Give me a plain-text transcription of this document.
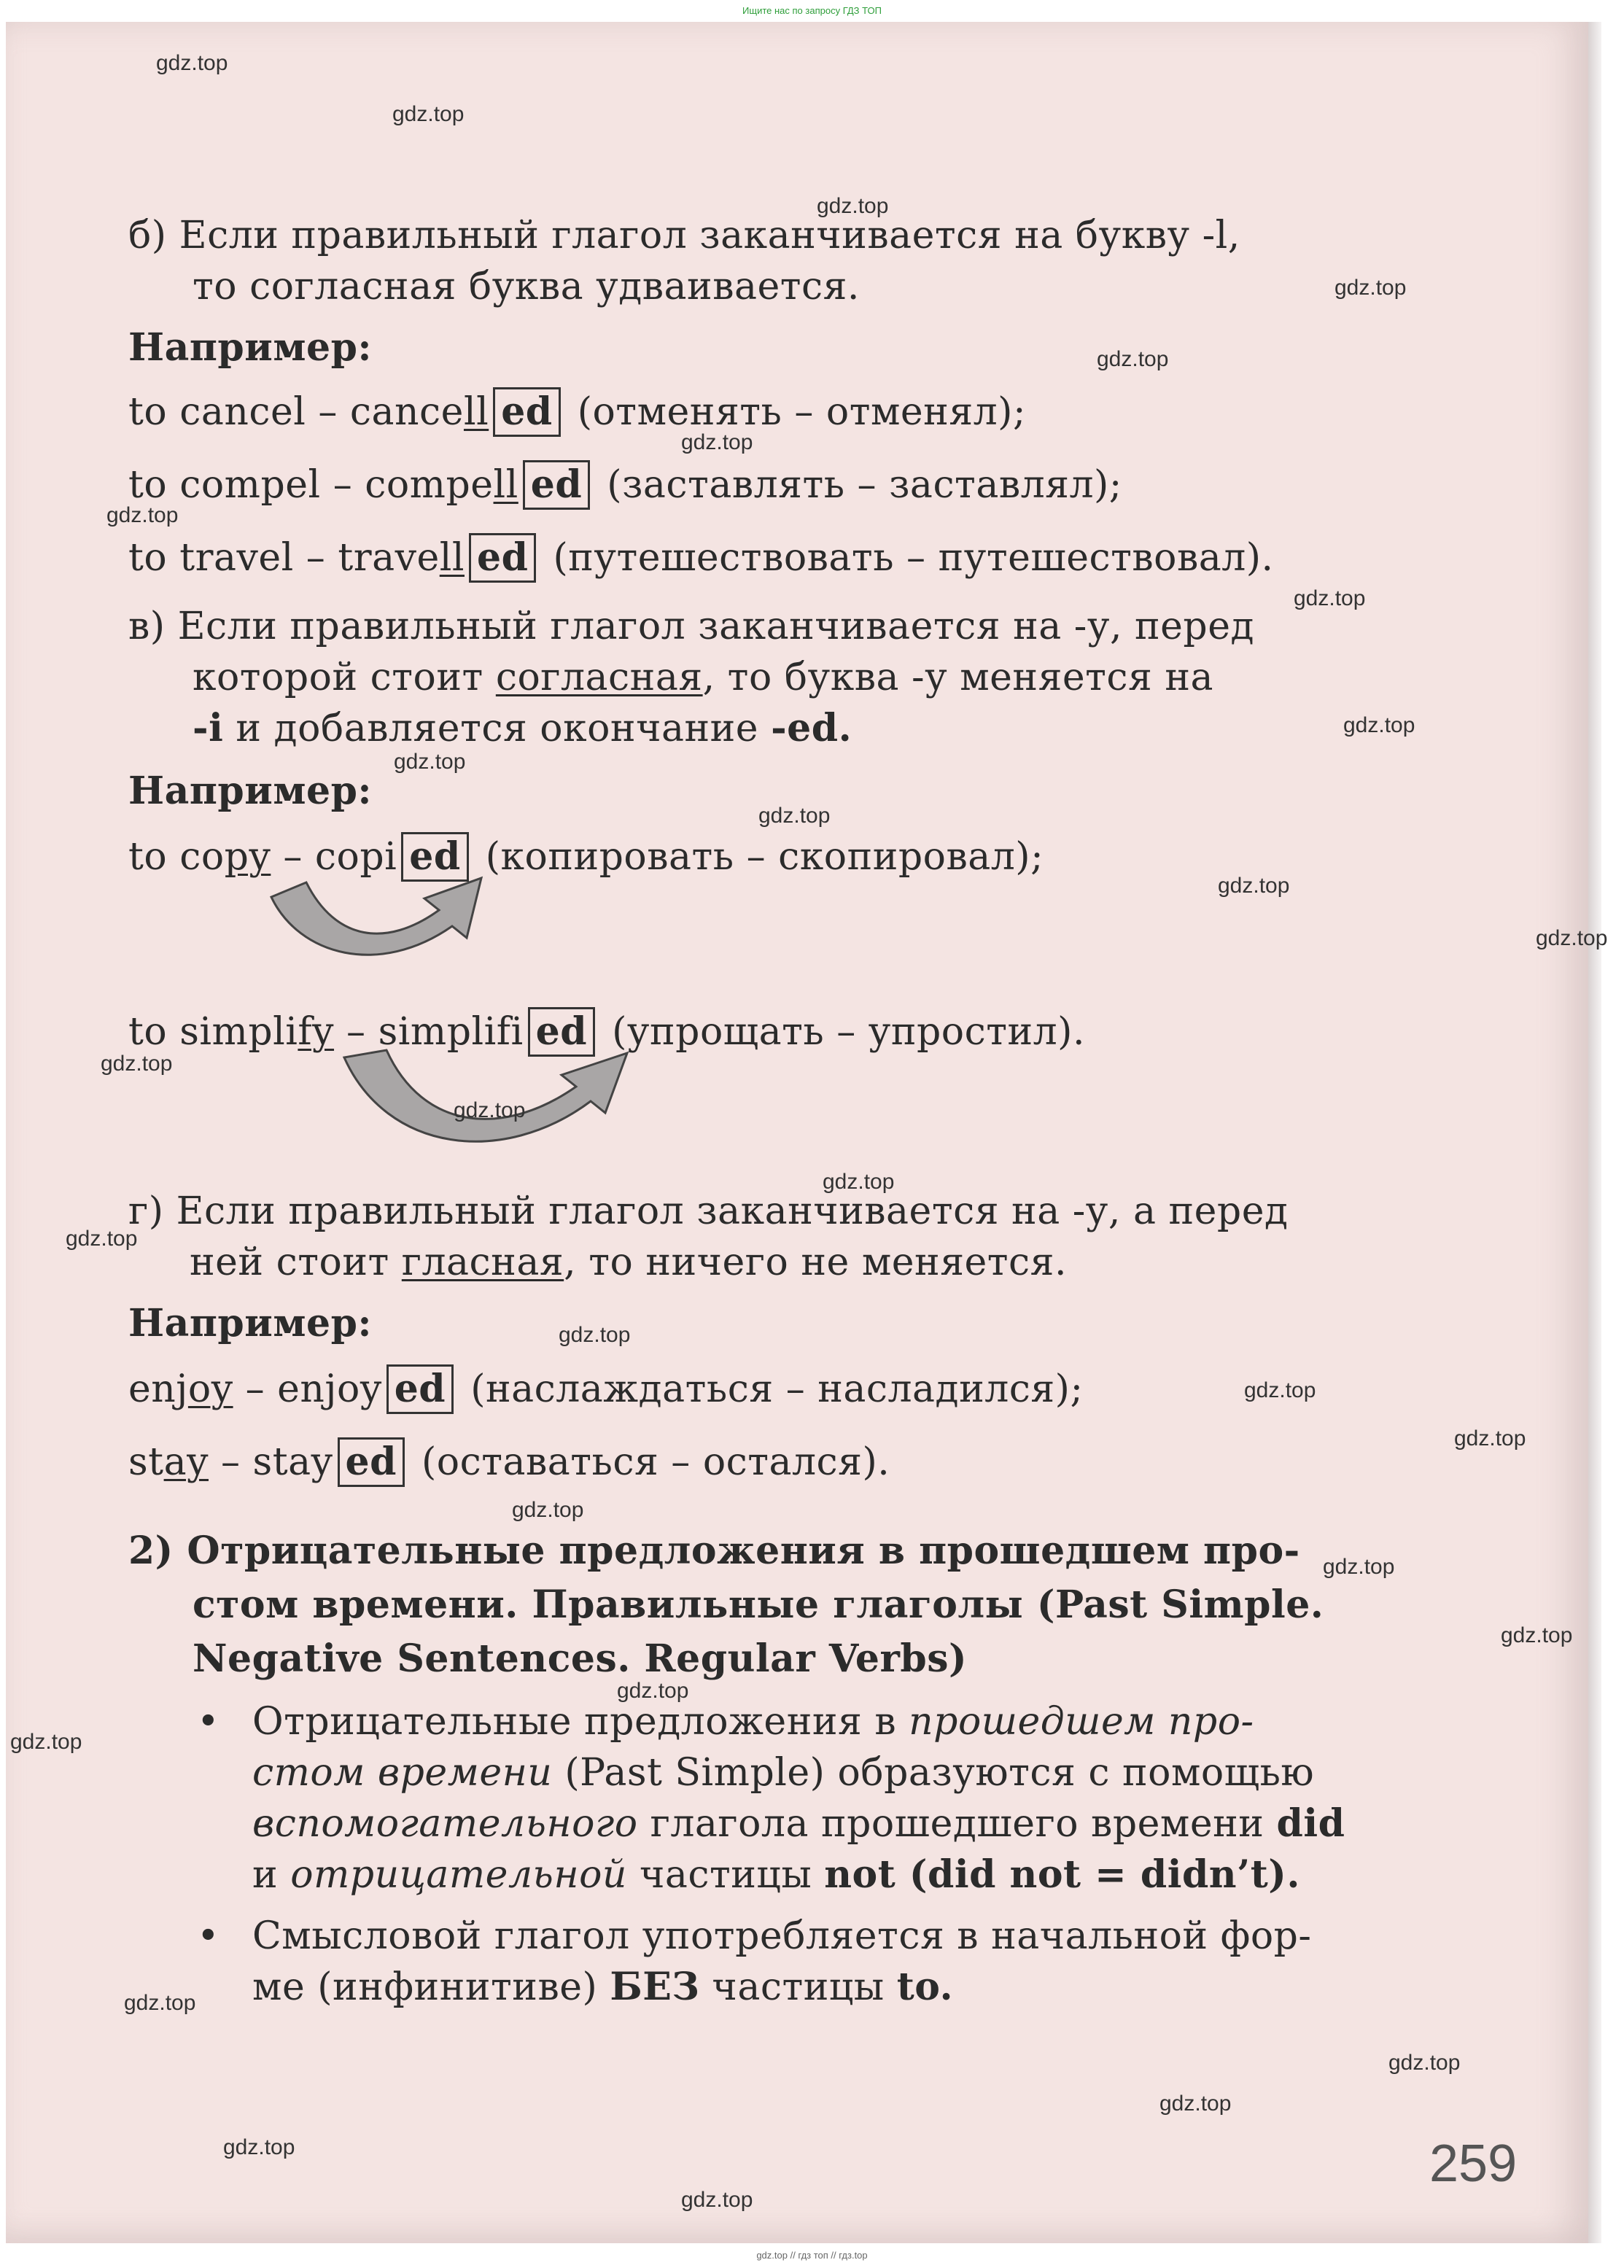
Ищите нас по запросу ГДЗ ТОП
б) Если правильный глагол заканчивается на букву -l,
то согласная буква удваивается.
Например:
to cancel – cancell ed (отменять – отменял);
to compel – compell ed (заставлять – заставлял);
to travel – travell ed (путешествовать – путешествовал).
в) Если правильный глагол заканчивается на -у, перед
которой стоит согласная, то буква -у меняется на
-i и добавляется окончание -ed.
Например:
to copy – copi ed (копировать – скопировал);
to simplify – simplifi ed (упрощать – упростил).
г) Если правильный глагол заканчивается на -у, а перед
ней стоит гласная, то ничего не меняется.
Например:
enjoy – enjoy ed (наслаждаться – насладился);
stay – stay ed (оставаться – остался).
2) Отрицательные предложения в прошедшем про-
стом времени. Правильные глаголы (Past Simple.
Negative Sentences. Regular Verbs)
• Отрицательные предложения в прошедшем про-
стом времени (Past Simple) образуются с помощью
вспомогательного глагола прошедшего времени did
и отрицательной частицы not (did not = didn’t).
• Смысловой глагол употребляется в начальной фор-
ме (инфинитиве) БЕЗ частицы to.
259
gdz.top
gdz.top
gdz.top
gdz.top
gdz.top
gdz.top
gdz.top
gdz.top
gdz.top
gdz.top
gdz.top
gdz.top
gdz.top
gdz.top
gdz.top
gdz.top
gdz.top
gdz.top
gdz.top
gdz.top
gdz.top
gdz.top
gdz.top
gdz.top
gdz.top
gdz.top
gdz.top
gdz.top
gdz.top
gdz.top
gdz.top // гдз топ // гдз.top
